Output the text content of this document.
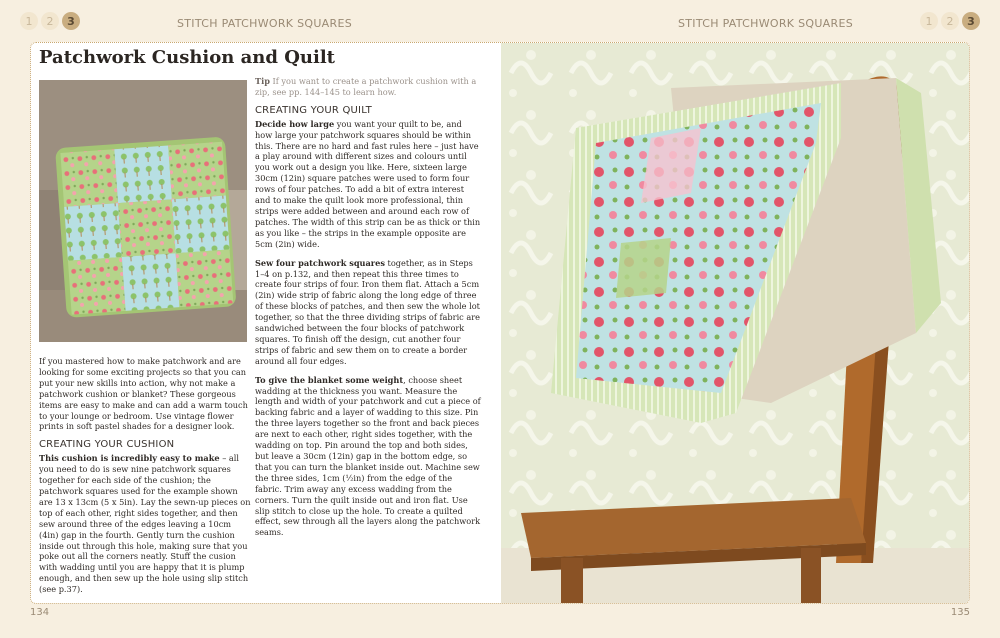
1	2	3	STITCH PATCHWORK SQUARES	STITCH PATCHWORK SQUARES	3
2
1
Patchwork Cushion and Quilt

If you mastered how to make patchwork and are looking for some exciting projects so that you can put your new skills into action, why not make a patchwork cushion or blanket? These gorgeous items are easy to make and can add a warm touch to your lounge or bedroom. Use vintage flower prints in soft pastel shades for a designer look.

CREATING YOUR CUSHION

This cushion is incredibly easy to make – all you need to do is sew nine patchwork squares together for each side of the cushion; the patchwork squares used for the example shown are 13 x 13cm (5 x 5in). Lay the sewn-up pieces on top of each other, right sides together, and then sew around three of the edges leaving a 10cm (4in) gap in the fourth. Gently turn the cushion inside out through this hole, making sure that you poke out all the corners neatly. Stuff the cusion with wadding until you are happy that it is plump enough, and then sew up the hole using slip stitch (see p.37).

Tip If you want to create a patchwork cushion with a zip, see pp. 144–145 to learn how.

CREATING YOUR QUILT

Decide how large you want your quilt to be, and how large your patchwork squares should be within this. There are no hard and fast rules here – just have a play around with different sizes and colours until you work out a design you like. Here, sixteen large 30cm (12in) square patches were used to form four rows of four patches. To add a bit of extra interest and to make the quilt look more professional, thin strips were added between and around each row of patches. The width of this strip can be as thick or thin as you like – the strips in the example opposite are 5cm (2in) wide.

Sew four patchwork squares together, as in Steps 1–4 on p.132, and then repeat this three times to create four strips of four. Iron them flat. Attach a 5cm (2in) wide strip of fabric along the long edge of three of these blocks of patches, and then sew the whole lot together, so that the three dividing strips of fabric are sandwiched between the four blocks of patchwork squares. To finish off the design, cut another four strips of fabric and sew them on to create a border around all four edges.

To give the blanket some weight, choose sheet wadding at the thickness you want. Measure the length and width of your patchwork and cut a piece of backing fabric and a layer of wadding to this size. Pin the three layers together so the front and back pieces are next to each other, right sides together, with the wadding on top. Pin around the top and both sides, but leave a 30cm (12in) gap in the bottom edge, so that you can turn the blanket inside out. Machine sew the three sides, 1cm (½in) from the edge of the fabric. Trim away any excess wadding from the corners. Turn the quilt inside out and iron flat. Use slip stitch to close up the hole. To create a quilted effect, sew through all the layers along the patchwork seams.

134	135
